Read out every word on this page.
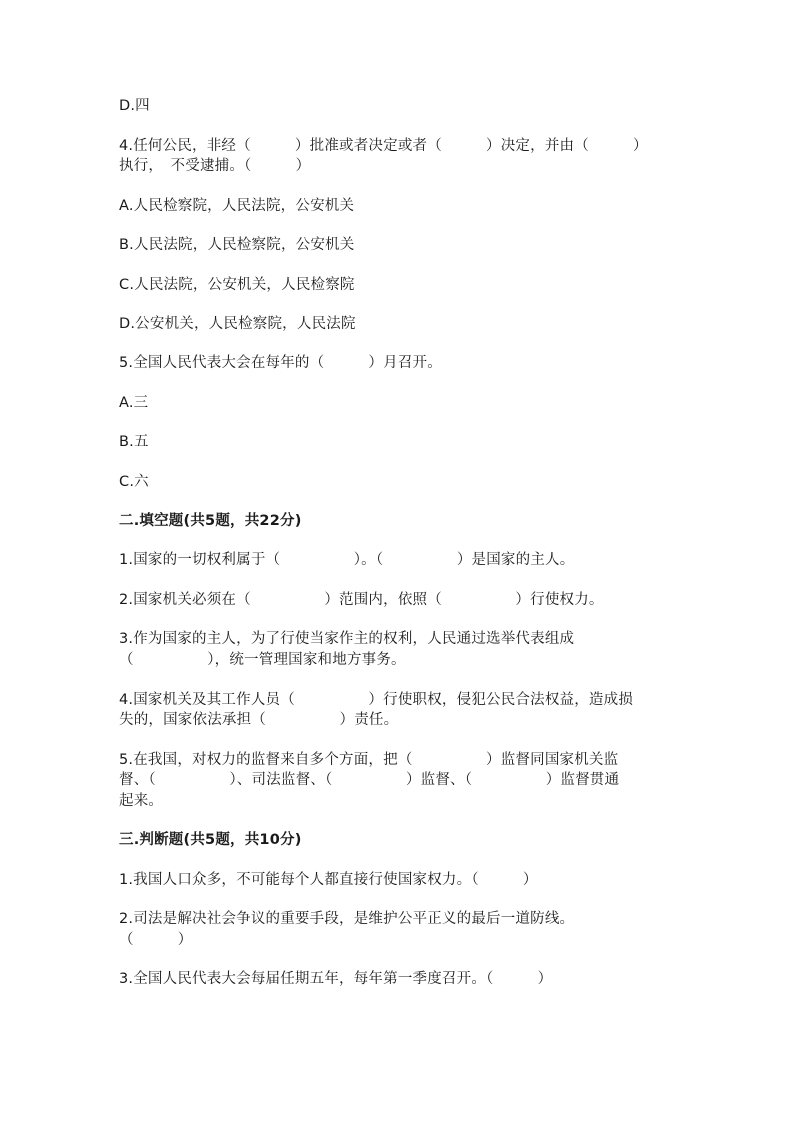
D.四
4.任何公民，非经（　　　）批准或者决定或者（　　　）决定，并由（　　　）
执行，　不受逮捕。（　　　）
A.人民检察院，人民法院，公安机关
B.人民法院，人民检察院，公安机关
C.人民法院，公安机关，人民检察院
D.公安机关，人民检察院，人民法院
5.全国人民代表大会在每年的（　　　）月召开。
A.三
B.五
C.六
二.填空题(共5题，共22分)
1.国家的一切权利属于（　　　　　）。（　　　　　）是国家的主人。
2.国家机关必须在（　　　　　）范围内，依照（　　　　　）行使权力。
3.作为国家的主人，为了行使当家作主的权利，人民通过选举代表组成
（　　　　　），统一管理国家和地方事务。
4.国家机关及其工作人员（　　　　　）行使职权，侵犯公民合法权益，造成损
失的，国家依法承担（　　　　　）责任。
5.在我国，对权力的监督来自多个方面，把（　　　　　）监督同国家机关监
督、（　　　　　）、司法监督、（　　　　　）监督、（　　　　　）监督贯通
起来。
三.判断题(共5题，共10分)
1.我国人口众多，不可能每个人都直接行使国家权力。（　　　）
2.司法是解决社会争议的重要手段，是维护公平正义的最后一道防线。
（　　　）
3.全国人民代表大会每届任期五年，每年第一季度召开。（　　　）
